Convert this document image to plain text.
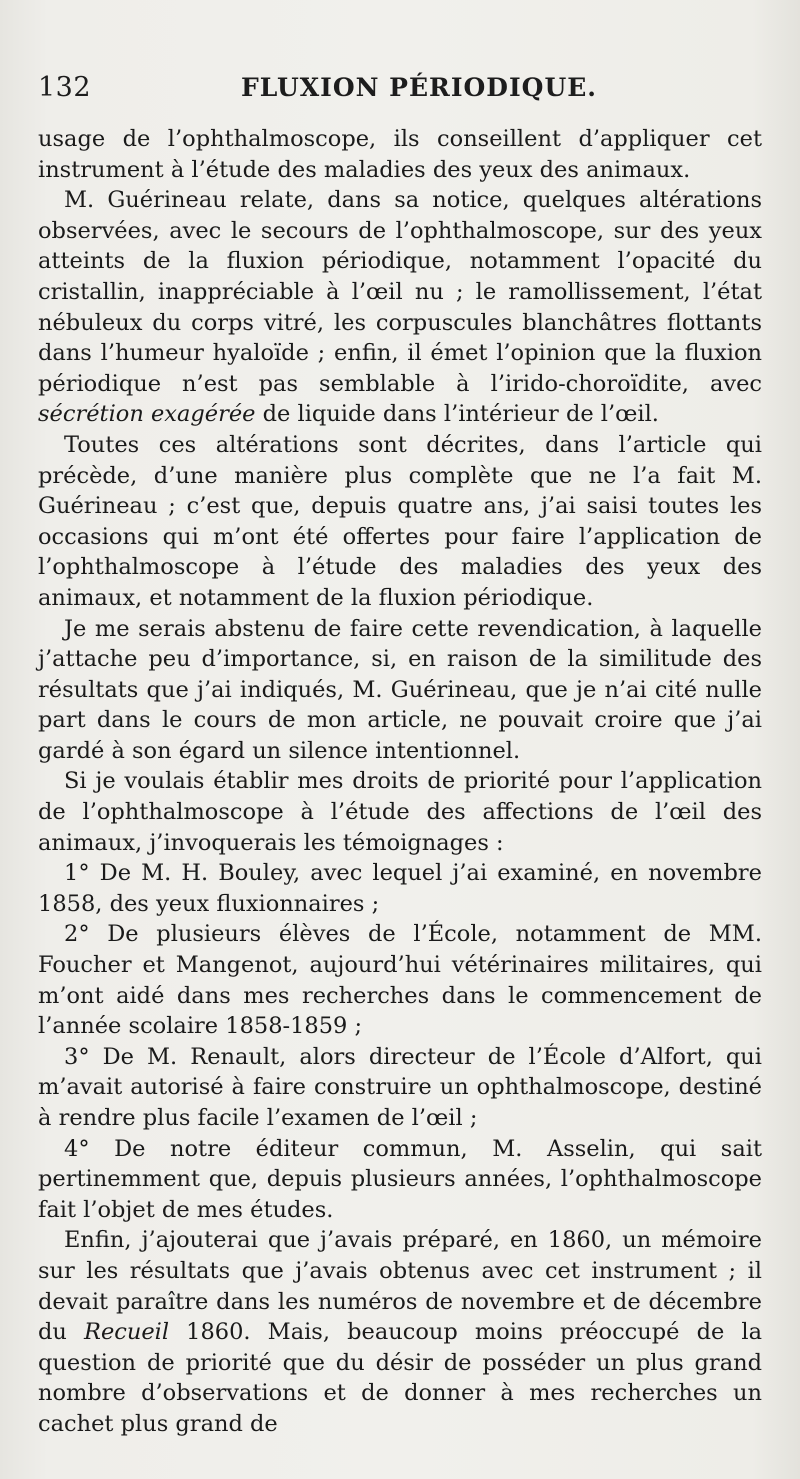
132	FLUXION PÉRIODIQUE.

usage de l’ophthalmoscope, ils conseillent d’appliquer cet instrument à l’étude des maladies des yeux des animaux.

M. Guérineau relate, dans sa notice, quelques altérations observées, avec le secours de l’ophthalmoscope, sur des yeux atteints de la fluxion périodique, notamment l’opacité du cristallin, inappréciable à l’œil nu ; le ramollissement, l’état nébuleux du corps vitré, les corpuscules blanchâtres flottants dans l’humeur hyaloïde ; enfin, il émet l’opinion que la fluxion périodique n’est pas semblable à l’irido-choroïdite, avec sécrétion exagérée de liquide dans l’intérieur de l’œil.

Toutes ces altérations sont décrites, dans l’article qui précède, d’une manière plus complète que ne l’a fait M. Guérineau ; c’est que, depuis quatre ans, j’ai saisi toutes les occasions qui m’ont été offertes pour faire l’application de l’ophthalmoscope à l’étude des maladies des yeux des animaux, et notamment de la fluxion périodique.

Je me serais abstenu de faire cette revendication, à laquelle j’attache peu d’importance, si, en raison de la similitude des résultats que j’ai indiqués, M. Guérineau, que je n’ai cité nulle part dans le cours de mon article, ne pouvait croire que j’ai gardé à son égard un silence intentionnel.

Si je voulais établir mes droits de priorité pour l’application de l’ophthalmoscope à l’étude des affections de l’œil des animaux, j’invoquerais les témoignages :

1° De M. H. Bouley, avec lequel j’ai examiné, en novembre 1858, des yeux fluxionnaires ;

2° De plusieurs élèves de l’École, notamment de MM. Foucher et Mangenot, aujourd’hui vétérinaires militaires, qui m’ont aidé dans mes recherches dans le commencement de l’année scolaire 1858-1859 ;

3° De M. Renault, alors directeur de l’École d’Alfort, qui m’avait autorisé à faire construire un ophthalmoscope, destiné à rendre plus facile l’examen de l’œil ;

4° De notre éditeur commun, M. Asselin, qui sait pertinemment que, depuis plusieurs années, l’ophthalmoscope fait l’objet de mes études.

Enfin, j’ajouterai que j’avais préparé, en 1860, un mémoire sur les résultats que j’avais obtenus avec cet instrument ; il devait paraître dans les numéros de novembre et de décembre du Recueil 1860. Mais, beaucoup moins préoccupé de la question de priorité que du désir de posséder un plus grand nombre d’observations et de donner à mes recherches un cachet plus grand de
